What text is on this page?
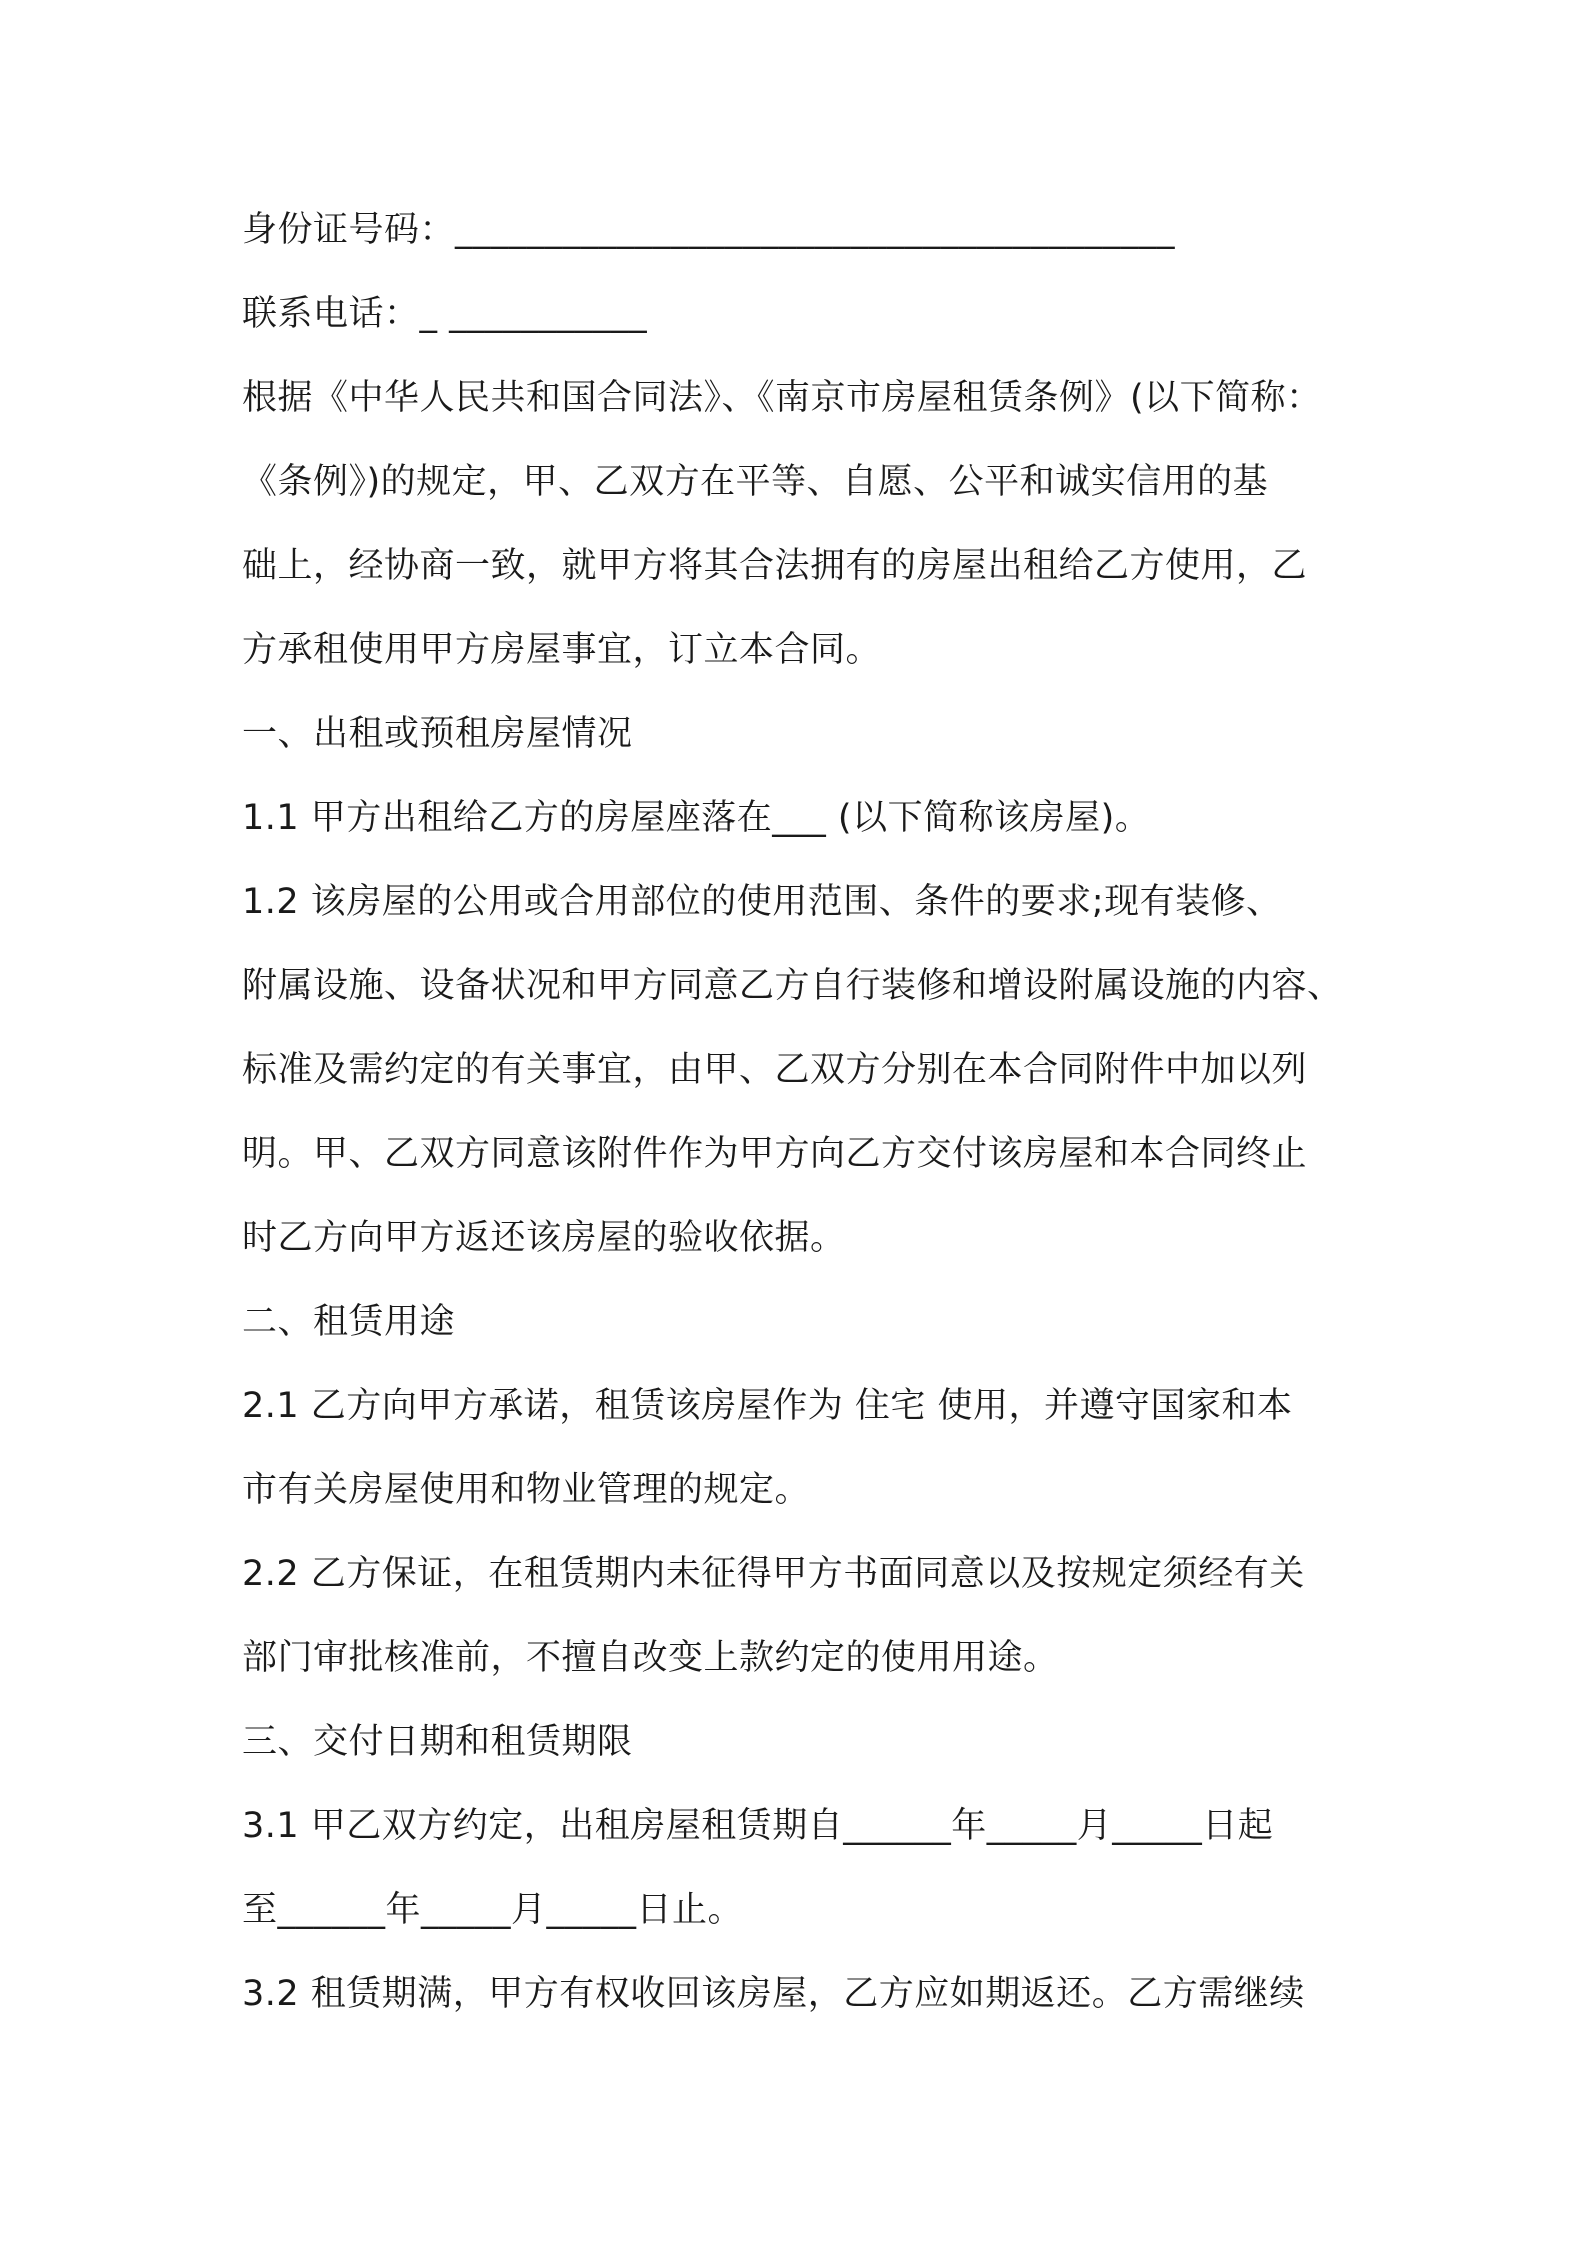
身份证号码：________________________________________
联系电话：_ ___________
根据《中华人民共和国合同法》、《南京市房屋租赁条例》(以下简称：
《条例》)的规定，甲、乙双方在平等、自愿、公平和诚实信用的基
础上，经协商一致，就甲方将其合法拥有的房屋出租给乙方使用，乙
方承租使用甲方房屋事宜，订立本合同。
一、出租或预租房屋情况
1.1 甲方出租给乙方的房屋座落在___ (以下简称该房屋)。
1.2 该房屋的公用或合用部位的使用范围、条件的要求;现有装修、
附属设施、设备状况和甲方同意乙方自行装修和增设附属设施的内容、
标准及需约定的有关事宜，由甲、乙双方分别在本合同附件中加以列
明。甲、乙双方同意该附件作为甲方向乙方交付该房屋和本合同终止
时乙方向甲方返还该房屋的验收依据。
二、租赁用途
2.1 乙方向甲方承诺，租赁该房屋作为 住宅 使用，并遵守国家和本
市有关房屋使用和物业管理的规定。
2.2 乙方保证，在租赁期内未征得甲方书面同意以及按规定须经有关
部门审批核准前，不擅自改变上款约定的使用用途。
三、交付日期和租赁期限
3.1 甲乙双方约定，出租房屋租赁期自______年_____月_____日起
至______年_____月_____日止。
3.2 租赁期满，甲方有权收回该房屋，乙方应如期返还。乙方需继续
